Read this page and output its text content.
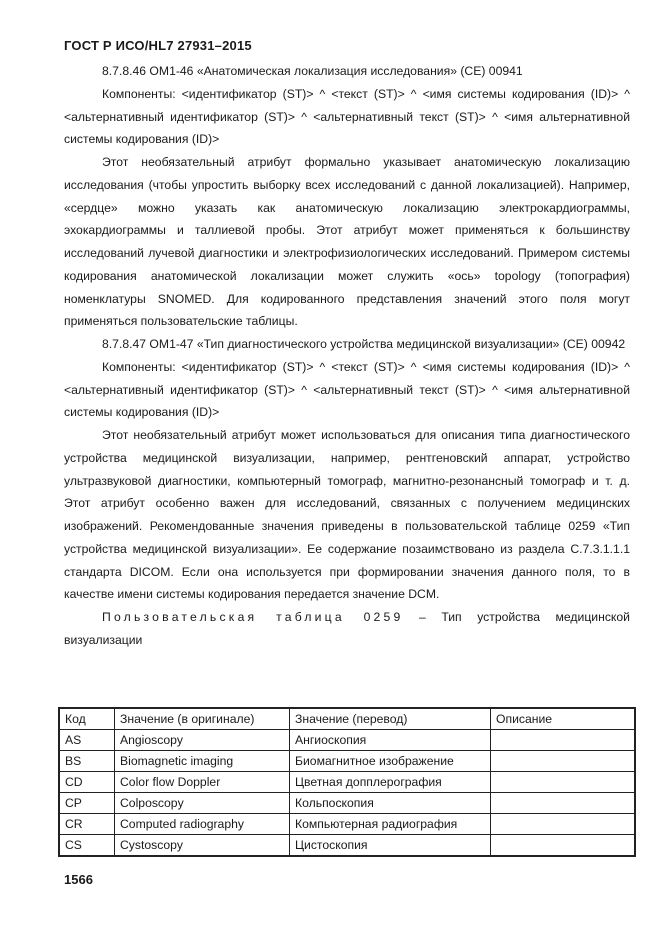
ГОСТ Р ИСО/HL7 27931–2015

8.7.8.46 OM1-46 «Анатомическая локализация исследования» (CE) 00941

Компоненты: <идентификатор (ST)> ^ <текст (ST)> ^ <имя системы кодирования (ID)> ^ <альтернативный идентификатор (ST)> ^ <альтернативный текст (ST)> ^ <имя альтернативной системы кодирования (ID)>

Этот необязательный атрибут формально указывает анатомическую локализацию исследования (чтобы упростить выборку всех исследований с данной локализацией). Например, «сердце» можно указать как анатомическую локализацию электрокардиограммы, эхокардиограммы и таллиевой пробы. Этот атрибут может применяться к большинству исследований лучевой диагностики и электрофизиологических исследований. Примером системы кодирования анатомической локализации может служить «ось» topology (топография) номенклатуры SNOMED. Для кодированного представления значений этого поля могут применяться пользовательские таблицы.

8.7.8.47 OM1-47 «Тип диагностического устройства медицинской визуализации» (CE) 00942

Компоненты: <идентификатор (ST)> ^ <текст (ST)> ^ <имя системы кодирования (ID)> ^ <альтернативный идентификатор (ST)> ^ <альтернативный текст (ST)> ^ <имя альтернативной системы кодирования (ID)>

Этот необязательный атрибут может использоваться для описания типа диагностического устройства медицинской визуализации, например, рентгеновский аппарат, устройство ультразвуковой диагностики, компьютерный томограф, магнитно-резонансный томограф и т. д. Этот атрибут особенно важен для исследований, связанных с получением медицинских изображений. Рекомендованные значения приведены в пользовательской таблице 0259 «Тип устройства медицинской визуализации». Ее содержание позаимствовано из раздела C.7.3.1.1.1 стандарта DICOM. Если она используется при формировании значения данного поля, то в качестве имени системы кодирования передается значение DCM.

Пользовательская таблица 0259 – Тип устройства медицинской визуализации

Код	Значение (в оригинале)	Значение (перевод)	Описание
AS	Angioscopy	Ангиоскопия	
BS	Biomagnetic imaging	Биомагнитное изображение	
CD	Color flow Doppler	Цветная допплерография	
CP	Colposcopy	Кольпоскопия	
CR	Computed radiography	Компьютерная радиография	
CS	Cystoscopy	Цистоскопия	
1566
